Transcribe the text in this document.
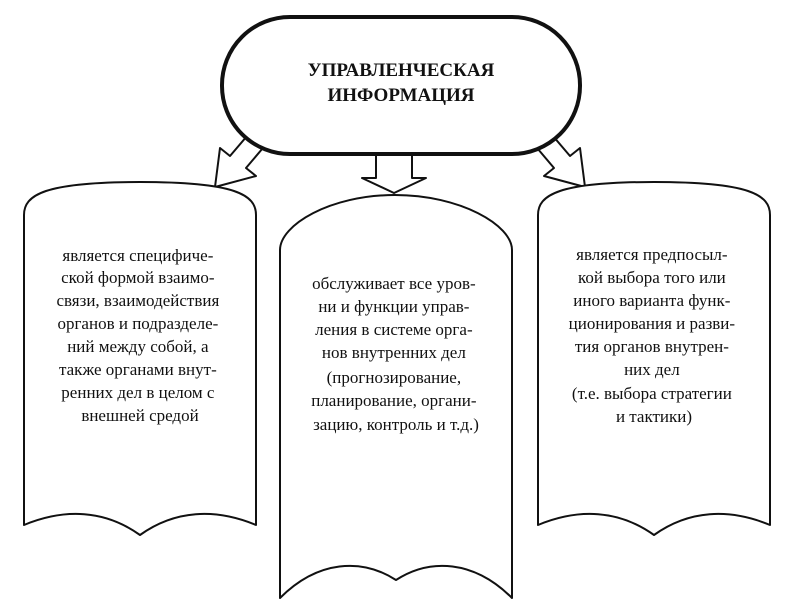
УПРАВЛЕНЧЕСКАЯ
ИНФОРМАЦИЯ
является специфиче- ской формой взаимо- связи, взаимодействия органов и подразделе- ний между собой, а также органами внут- ренних дел в целом с внешней средой
обслуживает все уров- ни и функции управ- ления в системе орга- нов внутренних дел (прогнозирование, планирование, органи- зацию, контроль и т.д.)
является предпосыл- кой выбора того или иного варианта функ- ционирования и разви- тия органов внутрен- них дел (т.е. выбора стратегии и тактики)
